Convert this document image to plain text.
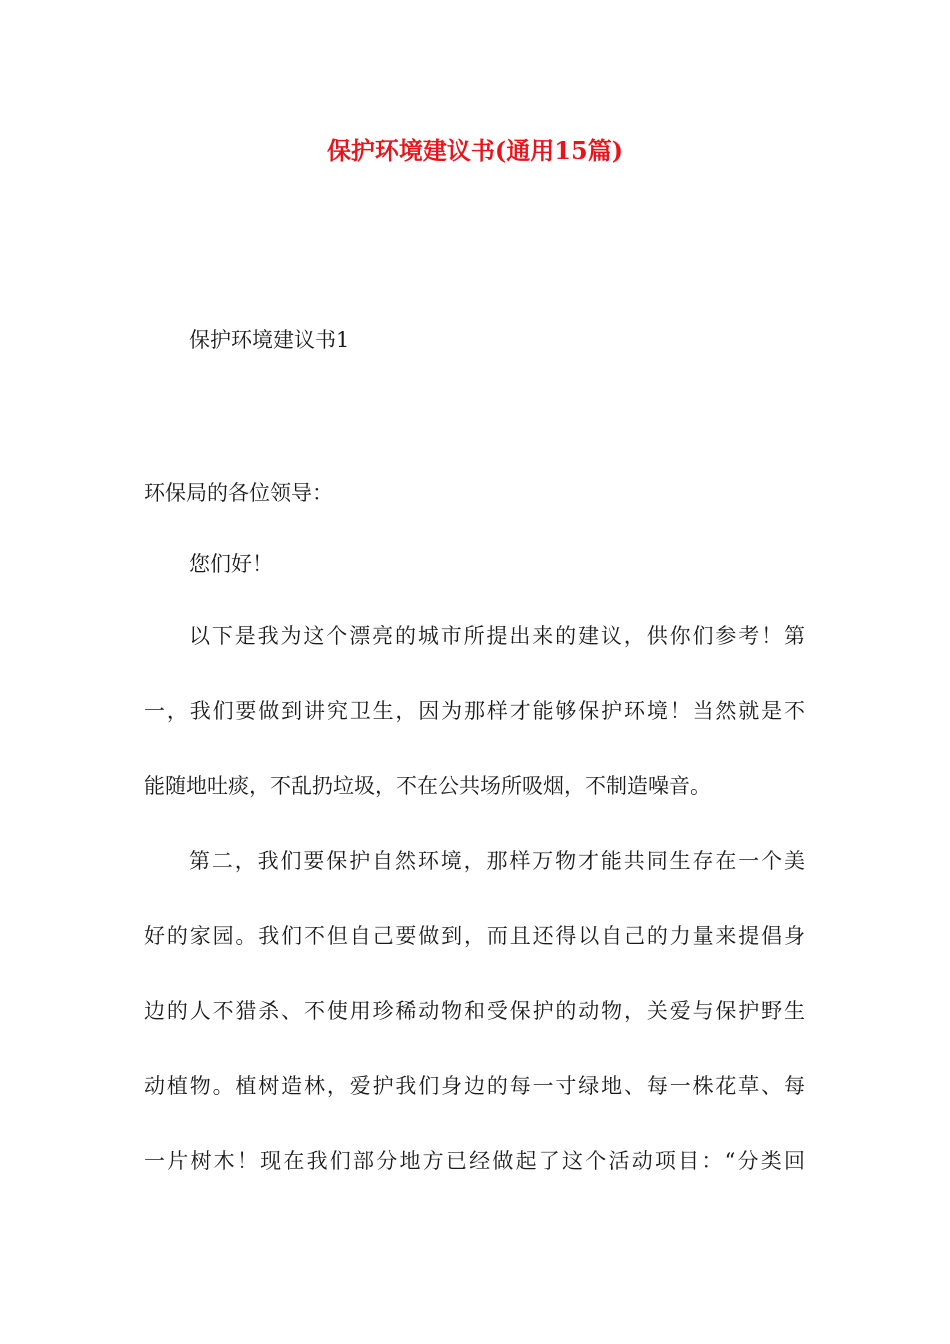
保护环境建议书(通用15篇)
保护环境建议书1

环保局的各位领导：

您们好！

以下是我为这个漂亮的城市所提出来的建议，供你们参考！第
一，我们要做到讲究卫生，因为那样才能够保护环境！当然就是不
能随地吐痰，不乱扔垃圾，不在公共场所吸烟，不制造噪音。
第二，我们要保护自然环境，那样万物才能共同生存在一个美
好的家园。我们不但自己要做到，而且还得以自己的力量来提倡身
边的人不猎杀、不使用珍稀动物和受保护的动物，关爱与保护野生
动植物。植树造林，爱护我们身边的每一寸绿地、每一株花草、每
一片树木！现在我们部分地方已经做起了这个活动项目：“分类回
